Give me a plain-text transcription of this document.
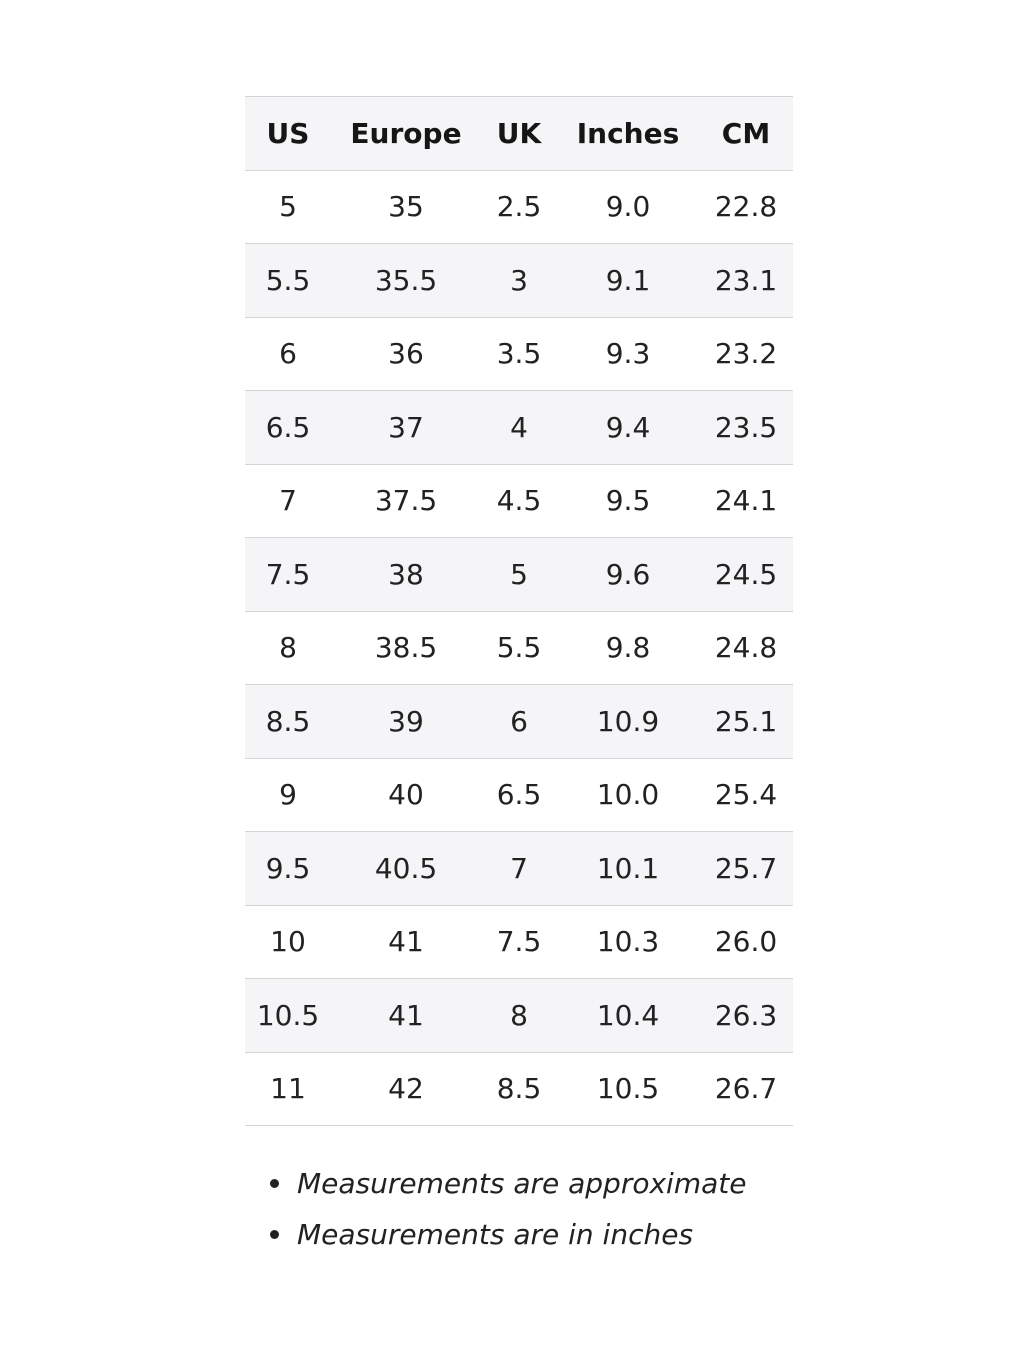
US	Europe	UK	Inches	CM
5	35	2.5	9.0	22.8
5.5	35.5	3	9.1	23.1
6	36	3.5	9.3	23.2
6.5	37	4	9.4	23.5
7	37.5	4.5	9.5	24.1
7.5	38	5	9.6	24.5
8	38.5	5.5	9.8	24.8
8.5	39	6	10.9	25.1
9	40	6.5	10.0	25.4
9.5	40.5	7	10.1	25.7
10	41	7.5	10.3	26.0
10.5	41	8	10.4	26.3
11	42	8.5	10.5	26.7
Measurements are approximate
Measurements are in inches
